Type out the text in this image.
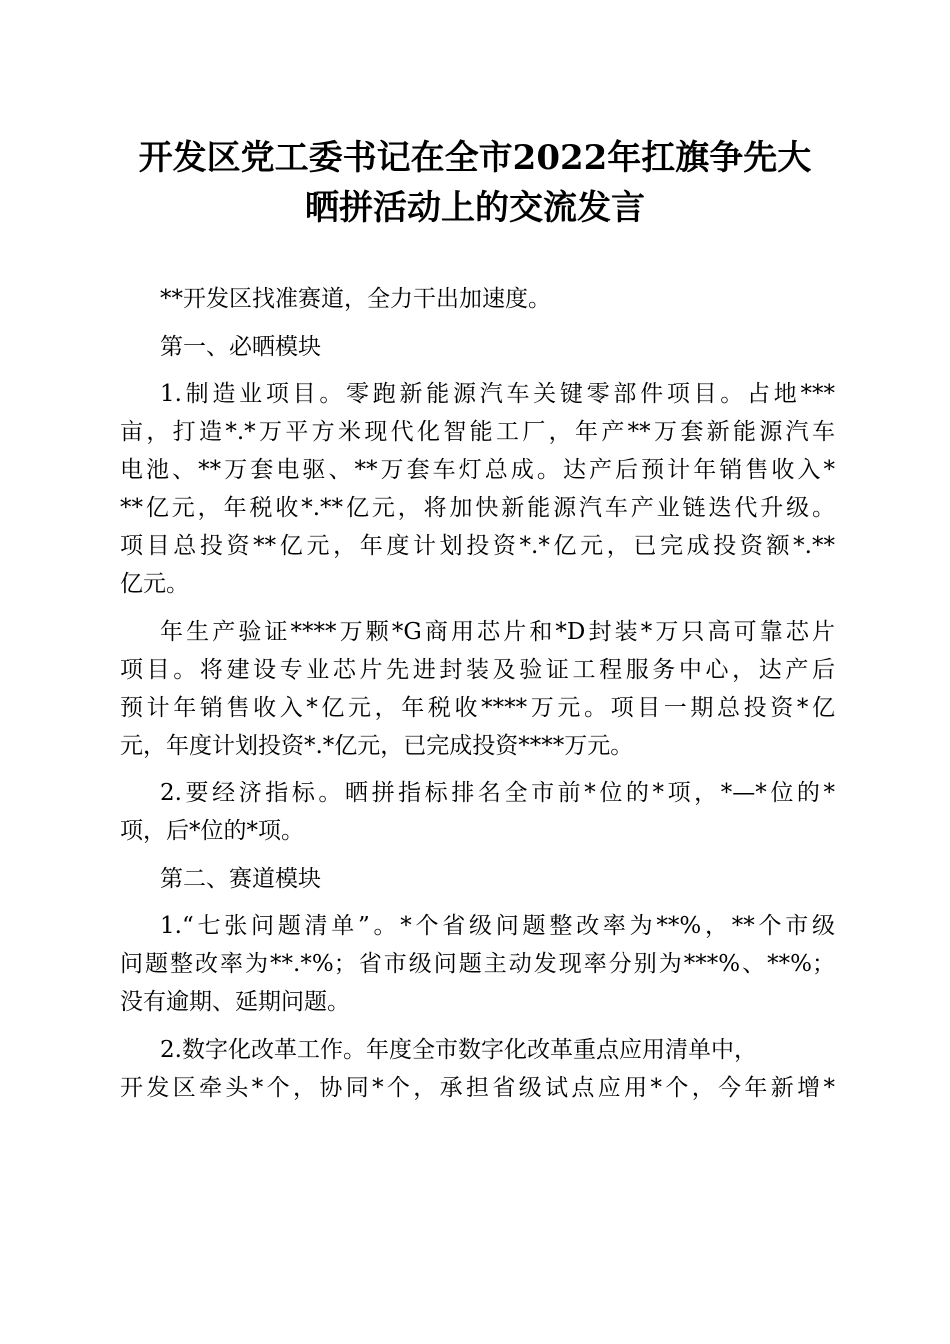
开发区党工委书记在全市2022年扛旗争先大
晒拼活动上的交流发言
**开发区找准赛道，全力干出加速度。
第一、必晒模块
1.制造业项目。零跑新能源汽车关键零部件项目。占地***
亩，打造*.*万平方米现代化智能工厂，年产**万套新能源汽车
电池、**万套电驱、**万套车灯总成。达产后预计年销售收入*
**亿元，年税收*.**亿元，将加快新能源汽车产业链迭代升级。
项目总投资**亿元，年度计划投资*.*亿元，已完成投资额*.**
亿元。
年生产验证****万颗*G商用芯片和*D封装*万只高可靠芯片
项目。将建设专业芯片先进封装及验证工程服务中心，达产后
预计年销售收入*亿元，年税收****万元。项目一期总投资*亿
元，年度计划投资*.*亿元，已完成投资****万元。
2.要经济指标。晒拼指标排名全市前*位的*项，*—*位的*
项，后*位的*项。
第二、赛道模块
1.“七张问题清单”。*个省级问题整改率为**%，**个市级
问题整改率为**.*%；省市级问题主动发现率分别为***%、**%；
没有逾期、延期问题。
2.数字化改革工作。年度全市数字化改革重点应用清单中，
开发区牵头*个，协同*个，承担省级试点应用*个，今年新增*
